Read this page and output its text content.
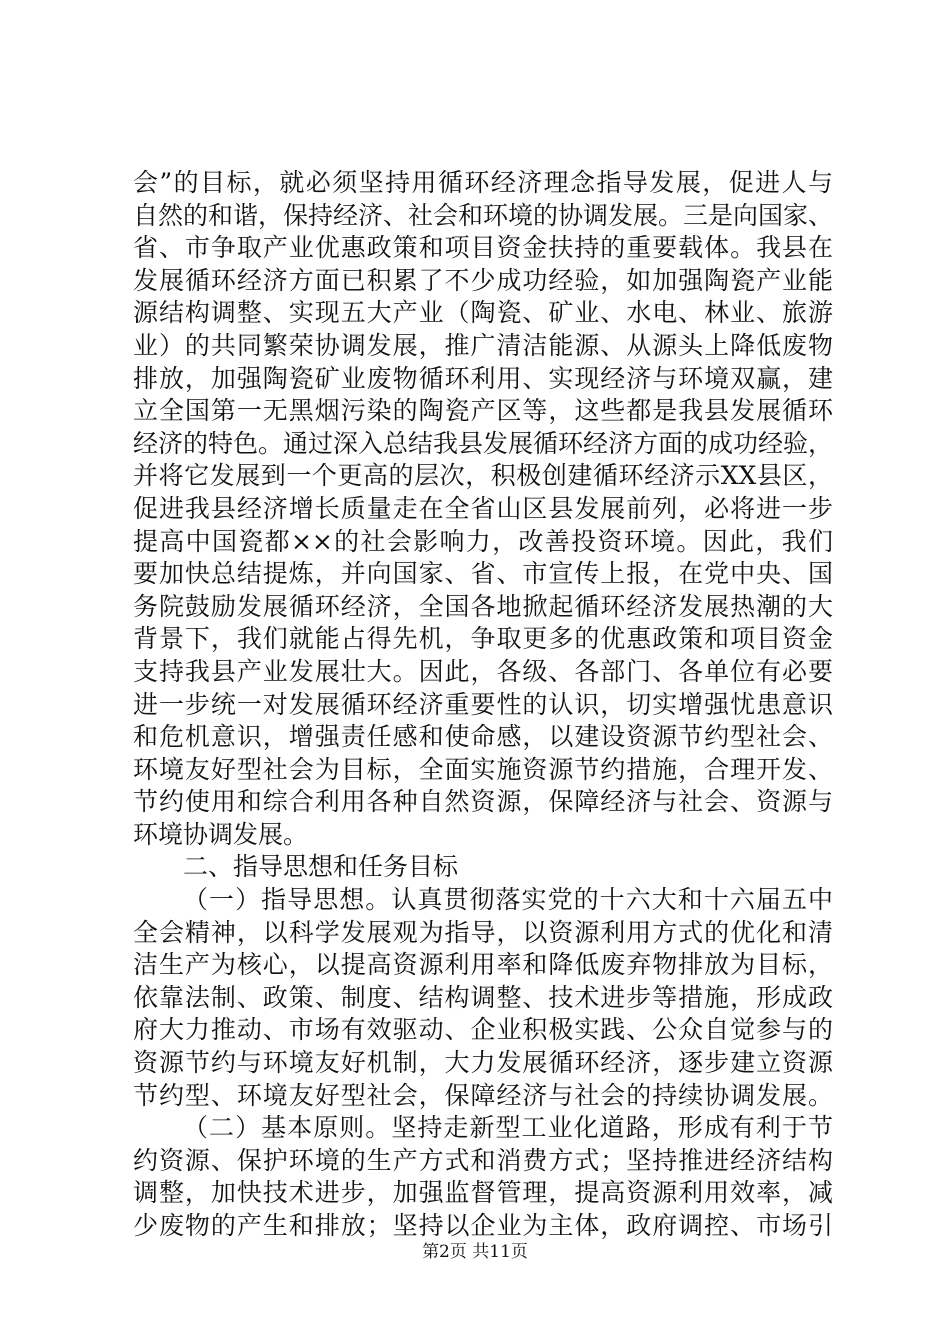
会”的目标，就必须坚持用循环经济理念指导发展，促进人与
自然的和谐，保持经济、社会和环境的协调发展。三是向国家、
省、市争取产业优惠政策和项目资金扶持的重要载体。我县在
发展循环经济方面已积累了不少成功经验，如加强陶瓷产业能
源结构调整、实现五大产业（陶瓷、矿业、水电、林业、旅游
业）的共同繁荣协调发展，推广清洁能源、从源头上降低废物
排放，加强陶瓷矿业废物循环利用、实现经济与环境双赢，建
立全国第一无黑烟污染的陶瓷产区等，这些都是我县发展循环
经济的特色。通过深入总结我县发展循环经济方面的成功经验，
并将它发展到一个更高的层次，积极创建循环经济示XX县区，
促进我县经济增长质量走在全省山区县发展前列，必将进一步
提高中国瓷都××的社会影响力，改善投资环境。因此，我们
要加快总结提炼，并向国家、省、市宣传上报，在党中央、国
务院鼓励发展循环经济，全国各地掀起循环经济发展热潮的大
背景下，我们就能占得先机，争取更多的优惠政策和项目资金
支持我县产业发展壮大。因此，各级、各部门、各单位有必要
进一步统一对发展循环经济重要性的认识，切实增强忧患意识
和危机意识，增强责任感和使命感，以建设资源节约型社会、
环境友好型社会为目标，全面实施资源节约措施，合理开发、
节约使用和综合利用各种自然资源，保障经济与社会、资源与
环境协调发展。
二、指导思想和任务目标
（一）指导思想。认真贯彻落实党的十六大和十六届五中
全会精神，以科学发展观为指导，以资源利用方式的优化和清
洁生产为核心，以提高资源利用率和降低废弃物排放为目标，
依靠法制、政策、制度、结构调整、技术进步等措施，形成政
府大力推动、市场有效驱动、企业积极实践、公众自觉参与的
资源节约与环境友好机制，大力发展循环经济，逐步建立资源
节约型、环境友好型社会，保障经济与社会的持续协调发展。
（二）基本原则。坚持走新型工业化道路，形成有利于节
约资源、保护环境的生产方式和消费方式；坚持推进经济结构
调整，加快技术进步，加强监督管理，提高资源利用效率，减
少废物的产生和排放；坚持以企业为主体，政府调控、市场引
第2页 共11页
